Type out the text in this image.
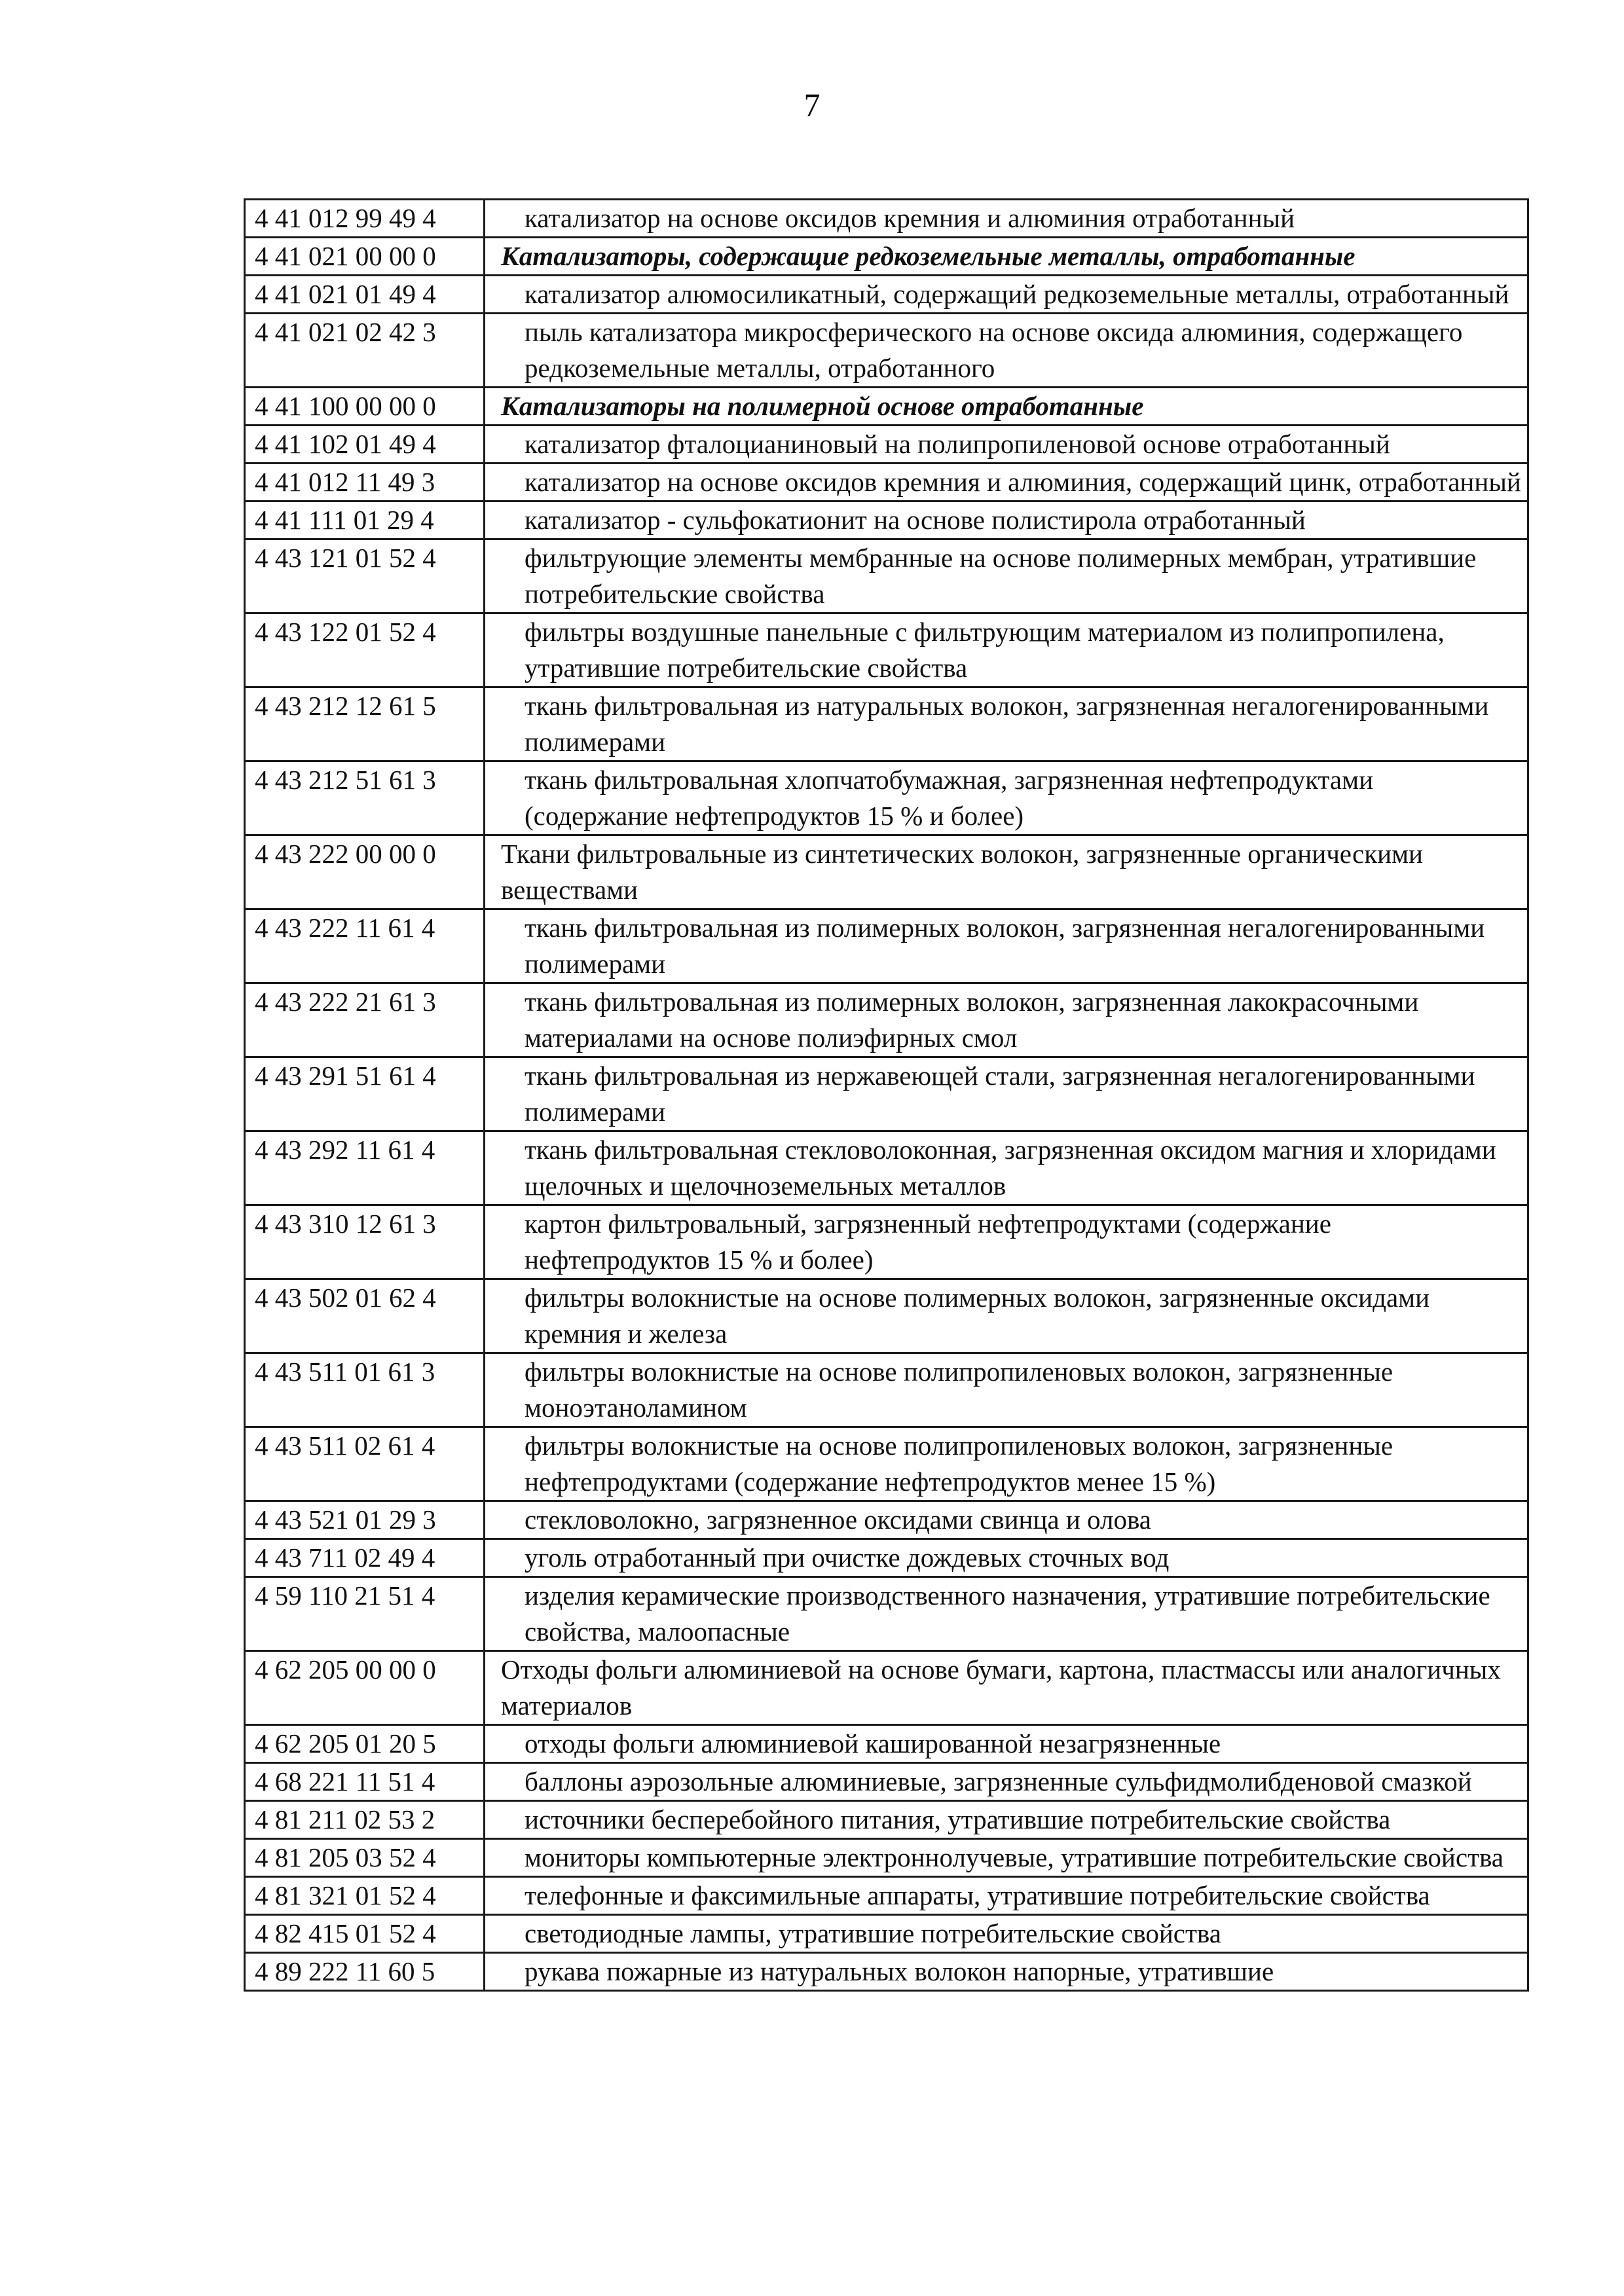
7
4 41 012 99 49 4	катализатор на основе оксидов кремния и алюминия отработанный
4 41 021 00 00 0	Катализаторы, содержащие редкоземельные металлы, отработанные
4 41 021 01 49 4	катализатор алюмосиликатный, содержащий редкоземельные металлы, отработанный
4 41 021 02 42 3	пыль катализатора микросферического на основе оксида алюминия, содержащего редкоземельные металлы, отработанного
4 41 100 00 00 0	Катализаторы на полимерной основе отработанные
4 41 102 01 49 4	катализатор фталоцианиновый на полипропиленовой основе отработанный
4 41 012 11 49 3	катализатор на основе оксидов кремния и алюминия, содержащий цинк, отработанный
4 41 111 01 29 4	катализатор - сульфокатионит на основе полистирола отработанный
4 43 121 01 52 4	фильтрующие элементы мембранные на основе полимерных мембран, утратившие потребительские свойства
4 43 122 01 52 4	фильтры воздушные панельные с фильтрующим материалом из полипропилена, утратившие потребительские свойства
4 43 212 12 61 5	ткань фильтровальная из натуральных волокон, загрязненная негалогенированными полимерами
4 43 212 51 61 3	ткань фильтровальная хлопчатобумажная, загрязненная нефтепродуктами (содержание нефтепродуктов 15 % и более)
4 43 222 00 00 0	Ткани фильтровальные из синтетических волокон, загрязненные органическими веществами
4 43 222 11 61 4	ткань фильтровальная из полимерных волокон, загрязненная негалогенированными полимерами
4 43 222 21 61 3	ткань фильтровальная из полимерных волокон, загрязненная лакокрасочными материалами на основе полиэфирных смол
4 43 291 51 61 4	ткань фильтровальная из нержавеющей стали, загрязненная негалогенированными полимерами
4 43 292 11 61 4	ткань фильтровальная стекловолоконная, загрязненная оксидом магния и хлоридами щелочных и щелочноземельных металлов
4 43 310 12 61 3	картон фильтровальный, загрязненный нефтепродуктами (содержание нефтепродуктов 15 % и более)
4 43 502 01 62 4	фильтры волокнистые на основе полимерных волокон, загрязненные оксидами кремния и железа
4 43 511 01 61 3	фильтры волокнистые на основе полипропиленовых волокон, загрязненные моноэтаноламином
4 43 511 02 61 4	фильтры волокнистые на основе полипропиленовых волокон, загрязненные нефтепродуктами (содержание нефтепродуктов менее 15 %)
4 43 521 01 29 3	стекловолокно, загрязненное оксидами свинца и олова
4 43 711 02 49 4	уголь отработанный при очистке дождевых сточных вод
4 59 110 21 51 4	изделия керамические производственного назначения, утратившие потребительские свойства, малоопасные
4 62 205 00 00 0	Отходы фольги алюминиевой на основе бумаги, картона, пластмассы или аналогичных материалов
4 62 205 01 20 5	отходы фольги алюминиевой кашированной незагрязненные
4 68 221 11 51 4	баллоны аэрозольные алюминиевые, загрязненные сульфидмолибденовой смазкой
4 81 211 02 53 2	источники бесперебойного питания, утратившие потребительские свойства
4 81 205 03 52 4	мониторы компьютерные электроннолучевые, утратившие потребительские свойства
4 81 321 01 52 4	телефонные и факсимильные аппараты, утратившие потребительские свойства
4 82 415 01 52 4	светодиодные лампы, утратившие потребительские свойства
4 89 222 11 60 5	рукава пожарные из натуральных волокон напорные, утратившие
